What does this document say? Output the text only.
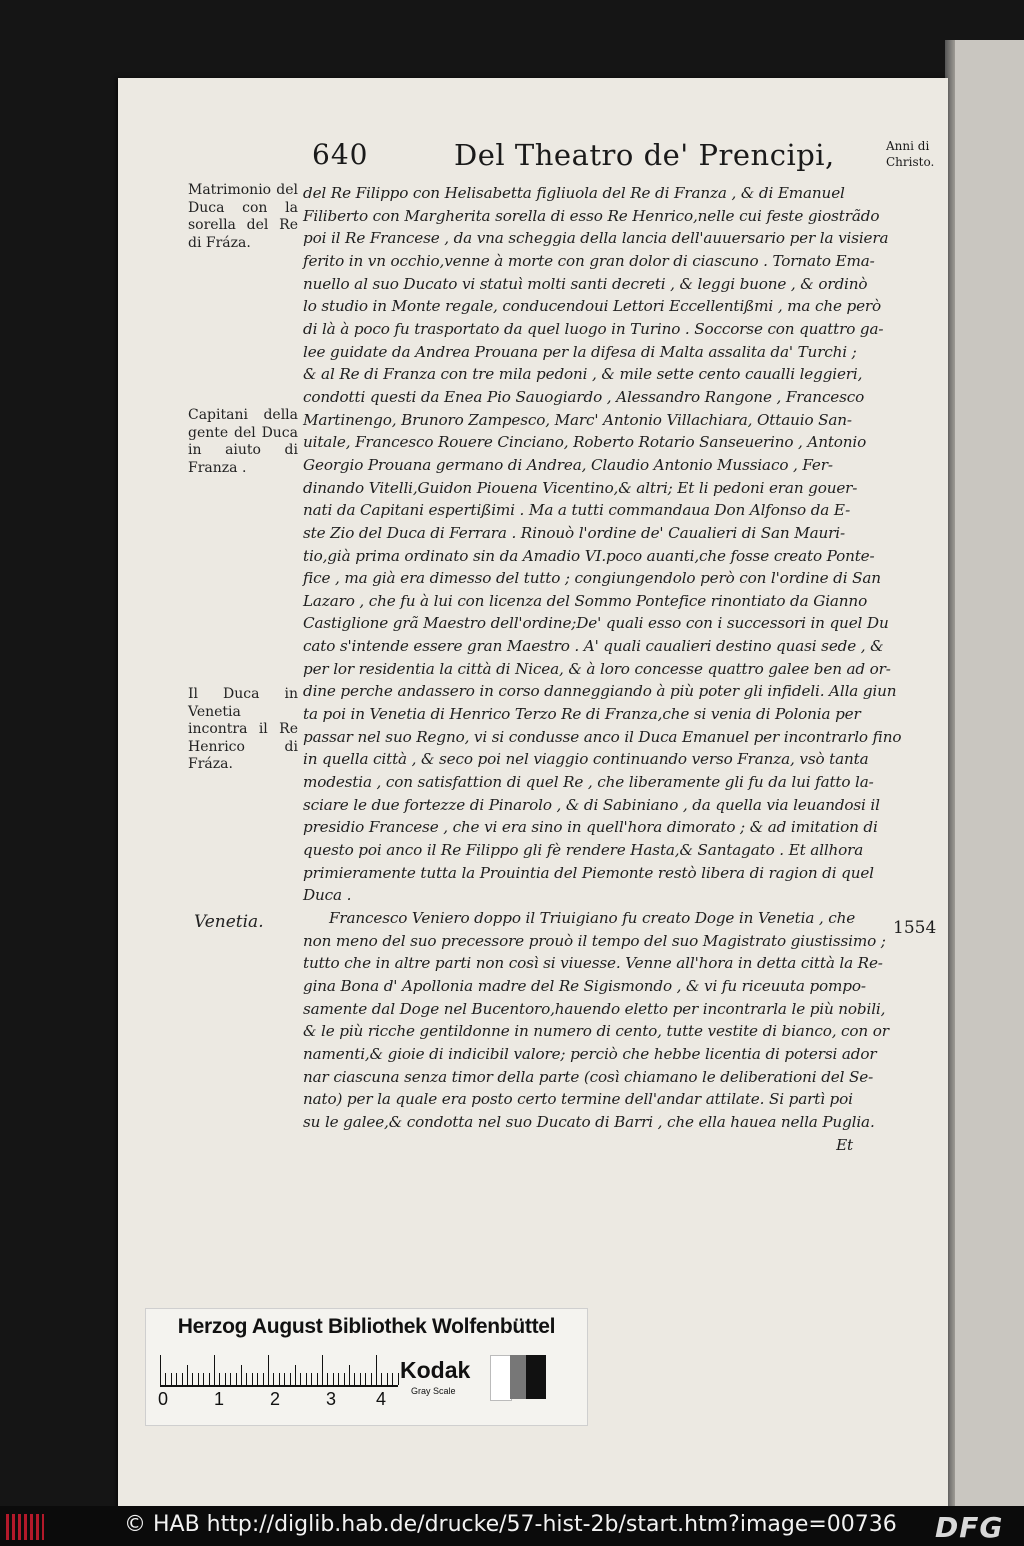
640	Del Theatro de' Prencipi,	Anni di
Christo.
Matrimonio del Duca con la sorella del Re di Fráza.
Capitani della gente del Duca in aiuto di Franza .
Il Duca in Venetia incontra il Re Henrico di Fráza.
Venetia.	1554
del Re Filippo con Helisabetta figliuola del Re di Franza , & di Emanuel
Filiberto con Margherita sorella di esso Re Henrico,nelle cui feste giostrãdo
poi il Re Francese , da vna scheggia della lancia dell'auuersario per la visiera
ferito in vn occhio,venne à morte con gran dolor di ciascuno . Tornato Ema-
nuello al suo Ducato vi statuì molti santi decreti , & leggi buone , & ordinò
lo studio in Monte regale, conducendoui Lettori Eccellentißmi , ma che però
di là à poco fu trasportato da quel luogo in Turino . Soccorse con quattro ga-
lee guidate da Andrea Prouana per la difesa di Malta assalita da' Turchi ;
& al Re di Franza con tre mila pedoni , & mile sette cento caualli leggieri,
condotti questi da Enea Pio Sauogiardo , Alessandro Rangone , Francesco
Martinengo, Brunoro Zampesco, Marc' Antonio Villachiara, Ottauio San-
uitale, Francesco Rouere Cinciano, Roberto Rotario Sanseuerino , Antonio
Georgio Prouana germano di Andrea, Claudio Antonio Mussiaco , Fer-
dinando Vitelli,Guidon Piouena Vicentino,& altri; Et li pedoni eran gouer-
nati da Capitani espertißimi . Ma a tutti commandaua Don Alfonso da E-
ste Zio del Duca di Ferrara . Rinouò l'ordine de' Caualieri di San Mauri-
tio,già prima ordinato sin da Amadio VI.poco auanti,che fosse creato Ponte-
fice , ma già era dimesso del tutto ; congiungendolo però con l'ordine di San
Lazaro , che fu à lui con licenza del Sommo Pontefice rinontiato da Gianno
Castiglione grã Maestro dell'ordine;De' quali esso con i successori in quel Du
cato s'intende essere gran Maestro . A' quali caualieri destino quasi sede , &
per lor residentia la città di Nicea, & à loro concesse quattro galee ben ad or-
dine perche andassero in corso danneggiando à più poter gli infideli. Alla giun
ta poi in Venetia di Henrico Terzo Re di Franza,che si venia di Polonia per
passar nel suo Regno, vi si condusse anco il Duca Emanuel per incontrarlo fino
in quella città , & seco poi nel viaggio continuando verso Franza, vsò tanta
modestia , con satisfattion di quel Re , che liberamente gli fu da lui fatto la-
sciare le due fortezze di Pinarolo , & di Sabiniano , da quella via leuandosi il
presidio Francese , che vi era sino in quell'hora dimorato ; & ad imitation di
questo poi anco il Re Filippo gli fè rendere Hasta,& Santagato . Et allhora
primieramente tutta la Prouintia del Piemonte restò libera di ragion di quel
Duca .
Francesco Veniero doppo il Triuigiano fu creato Doge in Venetia , che
non meno del suo precessore prouò il tempo del suo Magistrato giustissimo ;
tutto che in altre parti non così si viuesse. Venne all'hora in detta città la Re-
gina Bona d' Apollonia madre del Re Sigismondo , & vi fu riceuuta pompo-
samente dal Doge nel Bucentoro,hauendo eletto per incontrarla le più nobili,
& le più ricche gentildonne in numero di cento, tutte vestite di bianco, con or
namenti,& gioie di indicibil valore; perciò che hebbe licentia di potersi ador
nar ciascuna senza timor della parte (così chiamano le deliberationi del Se-
nato) per la quale era posto certo termine dell'andar attilate. Si partì poi
su le galee,& condotta nel suo Ducato di Barri , che ella hauea nella Puglia.
Et
Herzog August Bibliothek Wolfenbüttel
0	1	2	3 4
Kodak
Gray Scale
© HAB http://diglib.hab.de/drucke/57-hist-2b/start.htm?image=00736 DFG
